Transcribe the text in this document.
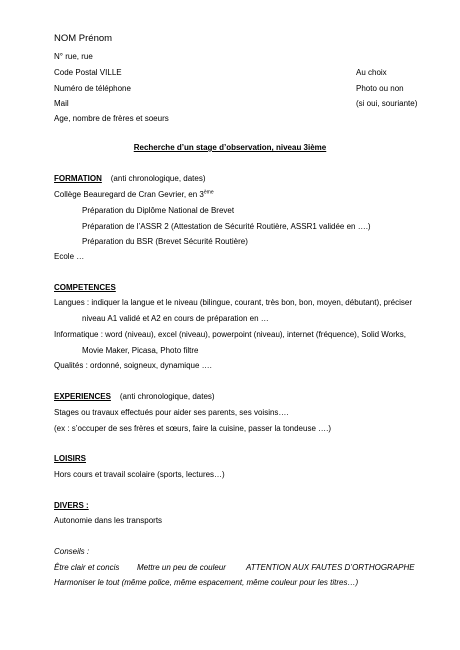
NOM Prénom
N° rue, rue
Code Postal VILLE
Numéro de téléphone
Mail
Age, nombre de frères et soeurs
Au choix
Photo ou non
(si oui, souriante)
Recherche d’un stage d’observation, niveau 3ième
FORMATION (anti chronologique, dates)
Collège Beauregard de Cran Gevrier, en 3ème
Préparation du Diplôme National de Brevet
Préparation de l’ASSR 2 (Attestation de Sécurité Routière, ASSR1 validée en ….)
Préparation du BSR (Brevet Sécurité Routière)
Ecole …
COMPETENCES
Langues : indiquer la langue et le niveau (bilingue, courant, très bon, bon, moyen, débutant), préciser
niveau A1 validé et A2 en cours de préparation en …
Informatique : word (niveau), excel (niveau), powerpoint (niveau), internet (fréquence), Solid Works,
Movie Maker, Picasa, Photo filtre
Qualités : ordonné, soigneux, dynamique ….
EXPERIENCES (anti chronologique, dates)
Stages ou travaux effectués pour aider ses parents, ses voisins….
(ex : s’occuper de ses frères et sœurs, faire la cuisine, passer la tondeuse ….)
LOISIRS
Hors cours et travail scolaire (sports, lectures…)
DIVERS :
Autonomie dans les transports
Conseils :
Être clair et concis Mettre un peu de couleur	ATTENTION AUX FAUTES D’ORTHOGRAPHE
Harmoniser le tout (même police, même espacement, même couleur pour les titres…)
